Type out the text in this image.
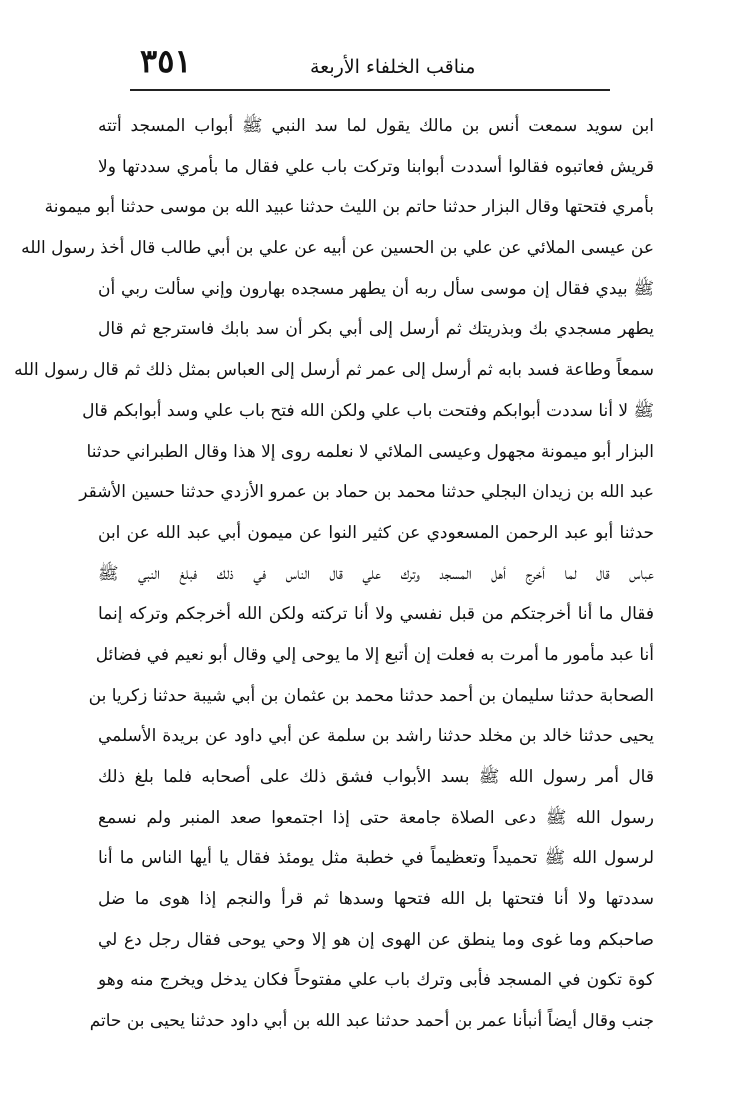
٣٥١	مناقب الخلفاء الأربعة
ابن سويد سمعت أنس بن مالك يقول لما سد النبي ﷺ أبواب المسجد أتته
قريش فعاتبوه فقالوا أسددت أبوابنا وتركت باب علي فقال ما بأمري سددتها ولا
بأمري فتحتها وقال البزار حدثنا حاتم بن الليث حدثنا عبيد الله بن موسى حدثنا أبو ميمونة
عن عيسى الملائي عن علي بن الحسين عن أبيه عن علي بن أبي طالب قال أخذ رسول الله
ﷺ بيدي فقال إن موسى سأل ربه أن يطهر مسجده بهارون وإني سألت ربي أن
يطهر مسجدي بك وبذريتك ثم أرسل إلى أبي بكر أن سد بابك فاسترجع ثم قال
سمعاً وطاعة فسد بابه ثم أرسل إلى عمر ثم أرسل إلى العباس بمثل ذلك ثم قال رسول الله
ﷺ لا أنا سددت أبوابكم وفتحت باب علي ولكن الله فتح باب علي وسد أبوابكم قال
البزار أبو ميمونة مجهول وعيسى الملائي لا نعلمه روى إلا هذا وقال الطبراني حدثنا
عبد الله بن زيدان البجلي حدثنا محمد بن حماد بن عمرو الأزدي حدثنا حسين الأشقر
حدثنا أبو عبد الرحمن المسعودي عن كثير النوا عن ميمون أبي عبد الله عن ابن
عباس قال لما أخرج أهل المسجد وترك علي قال الناس في ذلك فبلغ النبي ﷺ
فقال ما أنا أخرجتكم من قبل نفسي ولا أنا تركته ولكن الله أخرجكم وتركه إنما
أنا عبد مأمور ما أمرت به فعلت إن أتبع إلا ما يوحى إلي وقال أبو نعيم في فضائل
الصحابة حدثنا سليمان بن أحمد حدثنا محمد بن عثمان بن أبي شيبة حدثنا زكريا بن
يحيى حدثنا خالد بن مخلد حدثنا راشد بن سلمة عن أبي داود عن بريدة الأسلمي
قال أمر رسول الله ﷺ بسد الأبواب فشق ذلك على أصحابه فلما بلغ ذلك
رسول الله ﷺ دعى الصلاة جامعة حتى إذا اجتمعوا صعد المنبر ولم نسمع
لرسول الله ﷺ تحميداً وتعظيماً في خطبة مثل يومئذ فقال يا أيها الناس ما أنا
سددتها ولا أنا فتحتها بل الله فتحها وسدها ثم قرأ والنجم إذا هوى ما ضل
صاحبكم وما غوى وما ينطق عن الهوى إن هو إلا وحي يوحى فقال رجل دع لي
كوة تكون في المسجد فأبى وترك باب علي مفتوحاً فكان يدخل ويخرج منه وهو
جنب وقال أيضاً أنبأنا عمر بن أحمد حدثنا عبد الله بن أبي داود حدثنا يحيى بن حاتم
